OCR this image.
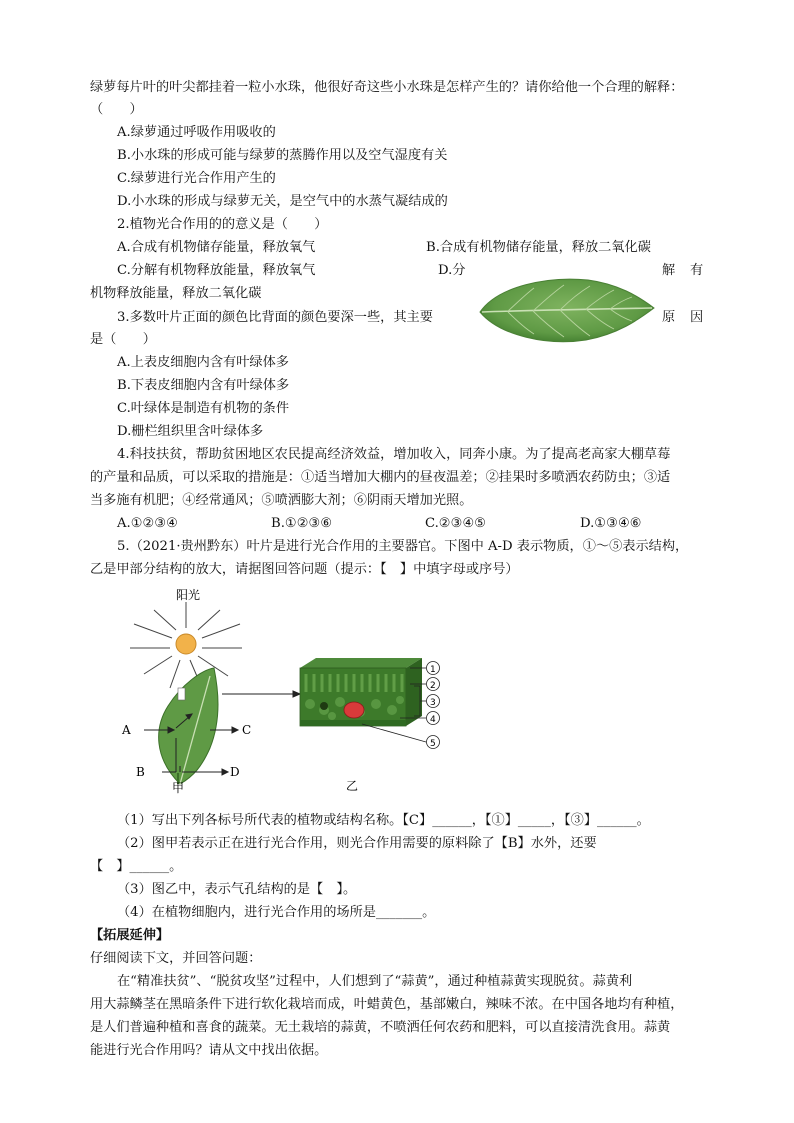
绿萝每片叶的叶尖都挂着一粒小水珠，他很好奇这些小水珠是怎样产生的？请你给他一个合理的解释：
（　　）
A.绿萝通过呼吸作用吸收的
B.小水珠的形成可能与绿萝的蒸腾作用以及空气湿度有关
C.绿萝进行光合作用产生的
D.小水珠的形成与绿萝无关，是空气中的水蒸气凝结成的
2.植物光合作用的的意义是（　　）
A.合成有机物储存能量，释放氧气	B.合成有机物储存能量，释放二氧化碳
C.分解有机物释放能量，释放氧气	D.分	解 有
机物释放能量，释放二氧化碳
3.多数叶片正面的颜色比背面的颜色要深一些，其主要	原 因
是（　　）
A.上表皮细胞内含有叶绿体多
B.下表皮细胞内含有叶绿体多
C.叶绿体是制造有机物的条件
D.栅栏组织里含叶绿体多
4.科技扶贫，帮助贫困地区农民提高经济效益，增加收入，同奔小康。为了提高老高家大棚草莓
的产量和品质，可以采取的措施是：①适当增加大棚内的昼夜温差；②挂果时多喷洒农药防虫；③适
当多施有机肥；④经常通风；⑤喷洒膨大剂；⑥阴雨天增加光照。
A.①②③④	B.①②③⑥	C.②③④⑤	D.①③④⑥
5.（2021·贵州黔东）叶片是进行光合作用的主要器官。下图中 A-D 表示物质，①～⑤表示结构，
乙是甲部分结构的放大，请据图回答问题（提示：【　】中填字母或序号）
阳光
A	C
B	D
甲
1
2
3
4
5
乙
（1）写出下列各标号所代表的植物或结构名称。【C】______，【①】_____，【③】______。
（2）图甲若表示正在进行光合作用，则光合作用需要的原料除了【B】水外，还要
【　】______。
（3）图乙中，表示气孔结构的是【　】。
（4）在植物细胞内，进行光合作用的场所是_______。
【拓展延伸】
仔细阅读下文，并回答问题：
在“精准扶贫”、“脱贫攻坚”过程中，人们想到了“蒜黄”，通过种植蒜黄实现脱贫。蒜黄利
用大蒜鳞茎在黑暗条件下进行软化栽培而成，叶蜡黄色，基部嫩白，辣味不浓。在中国各地均有种植，
是人们普遍种植和喜食的蔬菜。无土栽培的蒜黄，不喷洒任何农药和肥料，可以直接清洗食用。蒜黄
能进行光合作用吗？请从文中找出依据。
